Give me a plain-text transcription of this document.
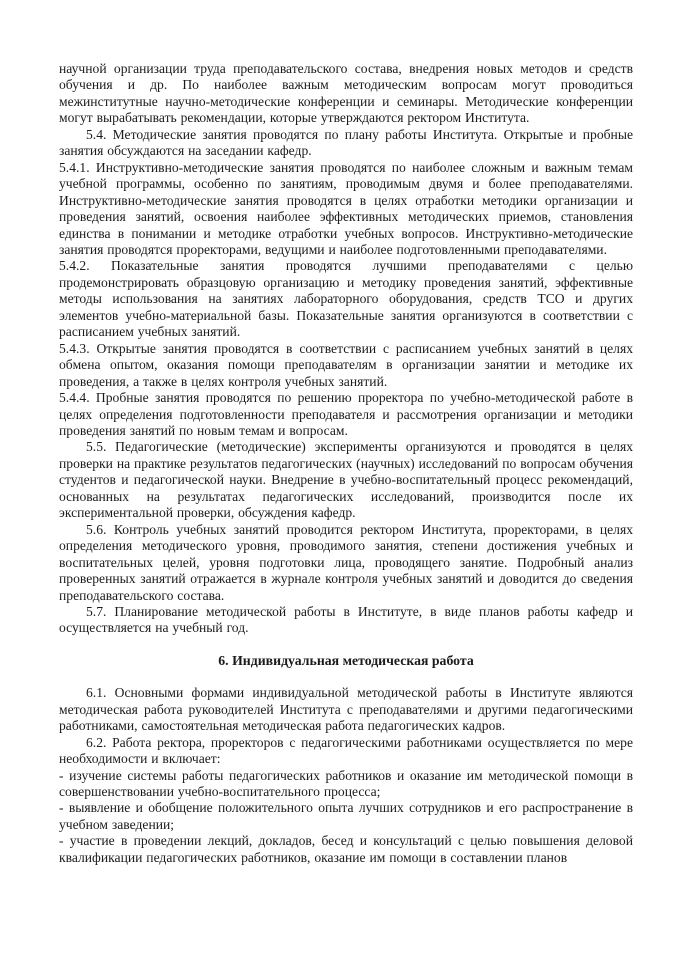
научной организации труда преподавательского состава, внедрения новых методов и средств обучения и др. По наиболее важным методическим вопросам могут проводиться межинститутные научно-методические конференции и семинары. Методические конференции могут вырабатывать рекомендации, которые утверждаются ректором Института.

5.4. Методические занятия проводятся по плану работы Института. Открытые и пробные занятия обсуждаются на заседании кафедр.

5.4.1. Инструктивно-методические занятия проводятся по наиболее сложным и важным темам учебной программы, особенно по занятиям, проводимым двумя и более преподавателями. Инструктивно-методические занятия проводятся в целях отработки методики организации и проведения занятий, освоения наиболее эффективных методических приемов, становления единства в понимании и методике отработки учебных вопросов. Инструктивно-методические занятия проводятся проректорами, ведущими и наиболее подготовленными преподавателями.

5.4.2. Показательные занятия проводятся лучшими преподавателями с целью продемонстрировать образцовую организацию и методику проведения занятий, эффективные методы использования на занятиях лабораторного оборудования, средств ТСО и других элементов учебно-материальной базы. Показательные занятия организуются в соответствии с расписанием учебных занятий.

5.4.3. Открытые занятия проводятся в соответствии с расписанием учебных занятий в целях обмена опытом, оказания помощи преподавателям в организации занятии и методике их проведения, а также в целях контроля учебных занятий.

5.4.4. Пробные занятия проводятся по решению проректора по учебно-методической работе в целях определения подготовленности преподавателя и рассмотрения организации и методики проведения занятий по новым темам и вопросам.

5.5. Педагогические (методические) эксперименты организуются и проводятся в целях проверки на практике результатов педагогических (научных) исследований по вопросам обучения студентов и педагогической науки. Внедрение в учебно-воспитательный процесс рекомендаций, основанных на результатах педагогических исследований, производится после их экспериментальной проверки, обсуждения кафедр.

5.6. Контроль учебных занятий проводится ректором Института, проректорами, в целях определения методического уровня, проводимого занятия, степени достижения учебных и воспитательных целей, уровня подготовки лица, проводящего занятие. Подробный анализ проверенных занятий отражается в журнале контроля учебных занятий и доводится до сведения преподавательского состава.

5.7. Планирование методической работы в Институте, в виде планов работы кафедр и осуществляется на учебный год.

6. Индивидуальная методическая работа

6.1. Основными формами индивидуальной методической работы в Институте являются методическая работа руководителей Института с преподавателями и другими педагогическими работниками, самостоятельная методическая работа педагогических кадров.

6.2. Работа ректора, проректоров с педагогическими работниками осуществляется по мере необходимости и включает:

- изучение системы работы педагогических работников и оказание им методической помощи в совершенствовании учебно-воспитательного процесса;

- выявление и обобщение положительного опыта лучших сотрудников и его распространение в учебном заведении;

- участие в проведении лекций, докладов, бесед и консультаций с целью повышения деловой квалификации педагогических работников, оказание им помощи в составлении планов
